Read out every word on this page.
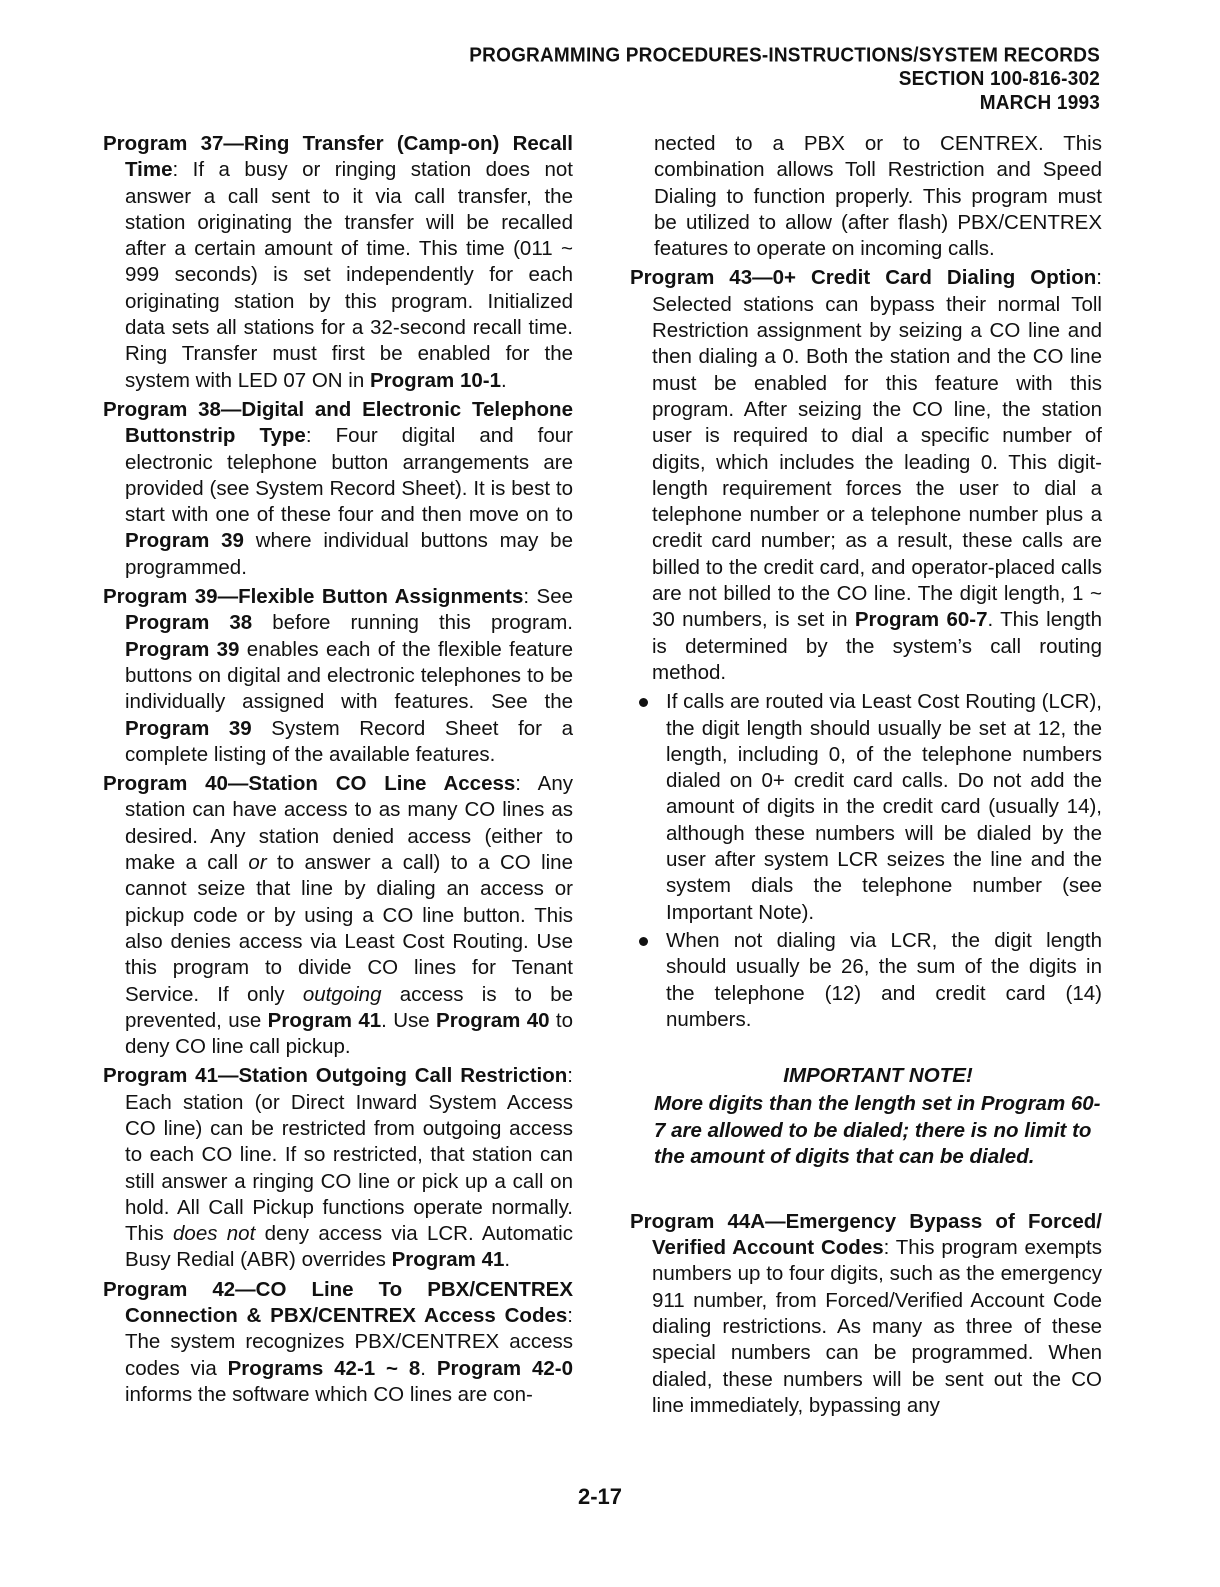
PROGRAMMING PROCEDURES-INSTRUCTIONS/SYSTEM RECORDS
SECTION 100-816-302
MARCH 1993

Program 37—Ring Transfer (Camp-on) Recall Time: If a busy or ringing station does not answer a call sent to it via call transfer, the station originating the transfer will be recalled after a certain amount of time. This time (011 ~ 999 seconds) is set independently for each originating station by this program. Initialized data sets all stations for a 32-second recall time. Ring Transfer must first be enabled for the system with LED 07 ON in Program 10-1.

Program 38—Digital and Electronic Telephone Buttonstrip Type: Four digital and four electronic telephone button arrangements are provided (see System Record Sheet). It is best to start with one of these four and then move on to Program 39 where individual buttons may be programmed.

Program 39—Flexible Button Assignments: See Program 38 before running this program. Program 39 enables each of the flexible feature buttons on digital and electronic telephones to be individually assigned with features. See the Program 39 System Record Sheet for a complete listing of the available features.

Program 40—Station CO Line Access: Any station can have access to as many CO lines as desired. Any station denied access (either to make a call or to answer a call) to a CO line cannot seize that line by dialing an access or pickup code or by using a CO line button. This also denies access via Least Cost Routing. Use this program to divide CO lines for Tenant Service. If only outgoing access is to be prevented, use Program 41. Use Program 40 to deny CO line call pickup.

Program 41—Station Outgoing Call Restriction: Each station (or Direct Inward System Access CO line) can be restricted from outgoing access to each CO line. If so restricted, that station can still answer a ringing CO line or pick up a call on hold. All Call Pickup functions operate normally. This does not deny access via LCR. Automatic Busy Redial (ABR) overrides Program 41.

Program 42—CO Line To PBX/CENTREX Connection & PBX/CENTREX Access Codes: The system recognizes PBX/CENTREX access codes via Programs 42-1 ~ 8. Program 42-0 informs the software which CO lines are con-

nected to a PBX or to CENTREX. This combination allows Toll Restriction and Speed Dialing to function properly. This program must be utilized to allow (after flash) PBX/CENTREX features to operate on incoming calls.

Program 43—0+ Credit Card Dialing Option: Selected stations can bypass their normal Toll Restriction assignment by seizing a CO line and then dialing a 0. Both the station and the CO line must be enabled for this feature with this program. After seizing the CO line, the station user is required to dial a specific number of digits, which includes the leading 0. This digit-length requirement forces the user to dial a telephone number or a telephone number plus a credit card number; as a result, these calls are billed to the credit card, and operator-placed calls are not billed to the CO line. The digit length, 1 ~ 30 numbers, is set in Program 60-7. This length is determined by the system’s call routing method.

If calls are routed via Least Cost Routing (LCR), the digit length should usually be set at 12, the length, including 0, of the telephone numbers dialed on 0+ credit card calls. Do not add the amount of digits in the credit card (usually 14), although these numbers will be dialed by the user after system LCR seizes the line and the system dials the telephone number (see Important Note).
When not dialing via LCR, the digit length should usually be 26, the sum of the digits in the telephone (12) and credit card (14) numbers.
IMPORTANT NOTE!
More digits than the length set in Program 60-7 are allowed to be dialed; there is no limit to the amount of digits that can be dialed.

Program 44A—Emergency Bypass of Forced/ Verified Account Codes: This program exempts numbers up to four digits, such as the emergency 911 number, from Forced/Verified Account Code dialing restrictions. As many as three of these special numbers can be programmed. When dialed, these numbers will be sent out the CO line immediately, bypassing any

2-17
